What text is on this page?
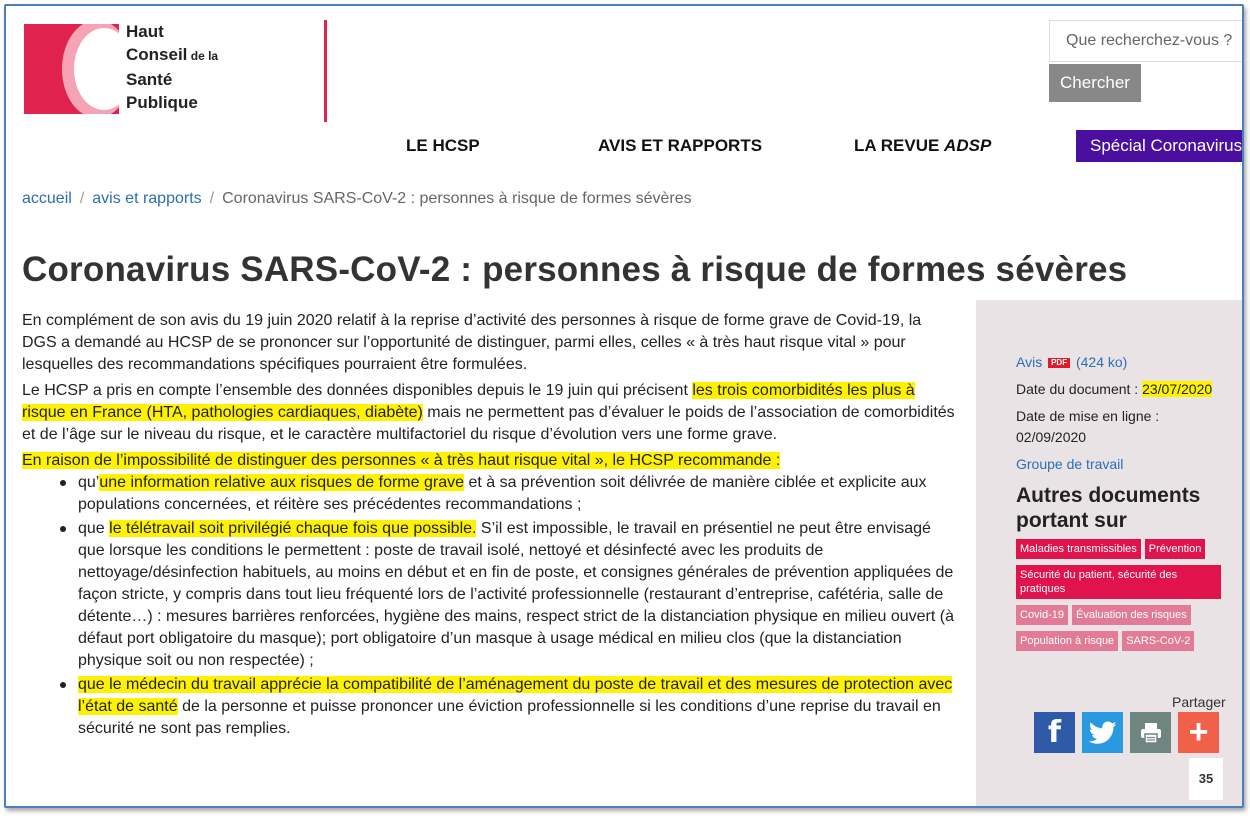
Haut
Conseil de la
Santé
Publique
Que recherchez-vous ?
Chercher
LE HCSP	AVIS ET RAPPORTS	LA REVUE ADSP	Spécial Coronavirus
accueil / avis et rapports / Coronavirus SARS-CoV-2 : personnes à risque de formes sévères
Coronavirus SARS-CoV-2 : personnes à risque de formes sévères

En complément de son avis du 19 juin 2020 relatif à la reprise d’activité des personnes à risque de forme grave de Covid-19, la DGS a demandé au HCSP de se prononcer sur l’opportunité de distinguer, parmi elles, celles « à très haut risque vital » pour lesquelles des recommandations spécifiques pourraient être formulées.

Le HCSP a pris en compte l’ensemble des données disponibles depuis le 19 juin qui précisent les trois comorbidités les plus à risque en France (HTA, pathologies cardiaques, diabète) mais ne permettent pas d’évaluer le poids de l’association de comorbidités et de l’âge sur le niveau du risque, et le caractère multifactoriel du risque d’évolution vers une forme grave.

En raison de l’impossibilité de distinguer des personnes « à très haut risque vital », le HCSP recommande :

qu’une information relative aux risques de forme grave et à sa prévention soit délivrée de manière ciblée et explicite aux populations concernées, et réitère ses précédentes recommandations ;
que le télétravail soit privilégié chaque fois que possible. S’il est impossible, le travail en présentiel ne peut être envisagé que lorsque les conditions le permettent : poste de travail isolé, nettoyé et désinfecté avec les produits de nettoyage/désinfection habituels, au moins en début et en fin de poste, et consignes générales de prévention appliquées de façon stricte, y compris dans tout lieu fréquenté lors de l’activité professionnelle (restaurant d’entreprise, cafétéria, salle de détente…) : mesures barrières renforcées, hygiène des mains, respect strict de la distanciation physique en milieu ouvert (à défaut port obligatoire du masque); port obligatoire d’un masque à usage médical en milieu clos (que la distanciation physique soit ou non respectée) ;
que le médecin du travail apprécie la compatibilité de l’aménagement du poste de travail et des mesures de protection avec l’état de santé de la personne et puisse prononcer une éviction professionnelle si les conditions d’une reprise du travail en sécurité ne sont pas remplies.
Avis PDF (424 ko)
Date du document : 23/07/2020
Date de mise en ligne :
02/09/2020
Groupe de travail
Autres documents portant sur
Maladies transmissibles	Prévention
Sécurité du patient, sécurité des pratiques
Covid-19	Évaluation des risques
Population à risque	SARS-CoV-2
Partager
f	+
35
